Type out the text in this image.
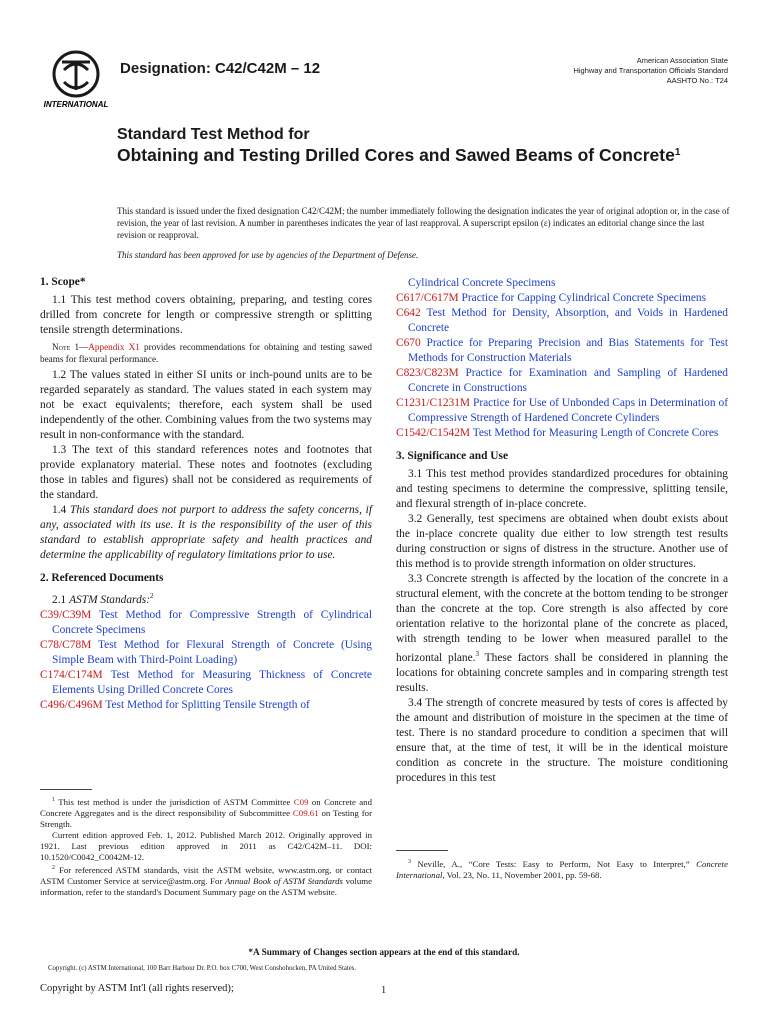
INTERNATIONAL
Designation: C42/C42M – 12	American Association State
Highway and Transportation Officials Standard
AASHTO No.: T24
Standard Test Method for
Obtaining and Testing Drilled Cores and Sawed Beams of Concrete$^1$

This standard is issued under the fixed designation C42/C42M; the number immediately following the designation indicates the year of original adoption or, in the case of revision, the year of last revision. A number in parentheses indicates the year of last reapproval. A superscript epsilon (ε) indicates an editorial change since the last revision or reapproval.

This standard has been approved for use by agencies of the Department of Defense.

1. Scope*

1.1 This test method covers obtaining, preparing, and testing cores drilled from concrete for length or compressive strength or splitting tensile strength determinations.

Note 1—Appendix X1 provides recommendations for obtaining and testing sawed beams for flexural performance.

1.2 The values stated in either SI units or inch-pound units are to be regarded separately as standard. The values stated in each system may not be exact equivalents; therefore, each system shall be used independently of the other. Combining values from the two systems may result in non-conformance with the standard.

1.3 The text of this standard references notes and footnotes that provide explanatory material. These notes and footnotes (excluding those in tables and figures) shall not be considered as requirements of the standard.

1.4 This standard does not purport to address the safety concerns, if any, associated with its use. It is the responsibility of the user of this standard to establish appropriate safety and health practices and determine the applicability of regulatory limitations prior to use.

2. Referenced Documents

2.1 ASTM Standards:$^2$

C39/C39M Test Method for Compressive Strength of Cylindrical Concrete Specimens
C78/C78M Test Method for Flexural Strength of Concrete (Using Simple Beam with Third-Point Loading)
C174/C174M Test Method for Measuring Thickness of Concrete Elements Using Drilled Concrete Cores
C496/C496M Test Method for Splitting Tensile Strength of
Cylindrical Concrete Specimens
C617/C617M Practice for Capping Cylindrical Concrete Specimens
C642 Test Method for Density, Absorption, and Voids in Hardened Concrete
C670 Practice for Preparing Precision and Bias Statements for Test Methods for Construction Materials
C823/C823M Practice for Examination and Sampling of Hardened Concrete in Constructions
C1231/C1231M Practice for Use of Unbonded Caps in Determination of Compressive Strength of Hardened Concrete Cylinders
C1542/C1542M Test Method for Measuring Length of Concrete Cores
3. Significance and Use

3.1 This test method provides standardized procedures for obtaining and testing specimens to determine the compressive, splitting tensile, and flexural strength of in-place concrete.

3.2 Generally, test specimens are obtained when doubt exists about the in-place concrete quality due either to low strength test results during construction or signs of distress in the structure. Another use of this method is to provide strength information on older structures.

3.3 Concrete strength is affected by the location of the concrete in a structural element, with the concrete at the bottom tending to be stronger than the concrete at the top. Core strength is also affected by core orientation relative to the horizontal plane of the concrete as placed, with strength tending to be lower when measured parallel to the horizontal plane.$^3$ These factors shall be considered in planning the locations for obtaining concrete samples and in comparing strength test results.

3.4 The strength of concrete measured by tests of cores is affected by the amount and distribution of moisture in the specimen at the time of test. There is no standard procedure to condition a specimen that will ensure that, at the time of test, it will be in the identical moisture condition as concrete in the structure. The moisture conditioning procedures in this test

$^1$ This test method is under the jurisdiction of ASTM Committee C09 on Concrete and Concrete Aggregates and is the direct responsibility of Subcommittee C09.61 on Testing for Strength.

Current edition approved Feb. 1, 2012. Published March 2012. Originally approved in 1921. Last previous edition approved in 2011 as C42/C42M–11. DOI: 10.1520/C0042_C0042M-12.

$^2$ For referenced ASTM standards, visit the ASTM website, www.astm.org, or contact ASTM Customer Service at service@astm.org. For Annual Book of ASTM Standards volume information, refer to the standard's Document Summary page on the ASTM website.

$^3$ Neville, A., “Core Tests: Easy to Perform, Not Easy to Interpret,” Concrete International, Vol. 23, No. 11, November 2001, pp. 59-68.

*A Summary of Changes section appears at the end of this standard.
Copyright. (c) ASTM International, 100 Barr Harbour Dr. P.O. box C700, West Conshohocken, PA United States.
Copyright by ASTM Int'l (all rights reserved);	1
